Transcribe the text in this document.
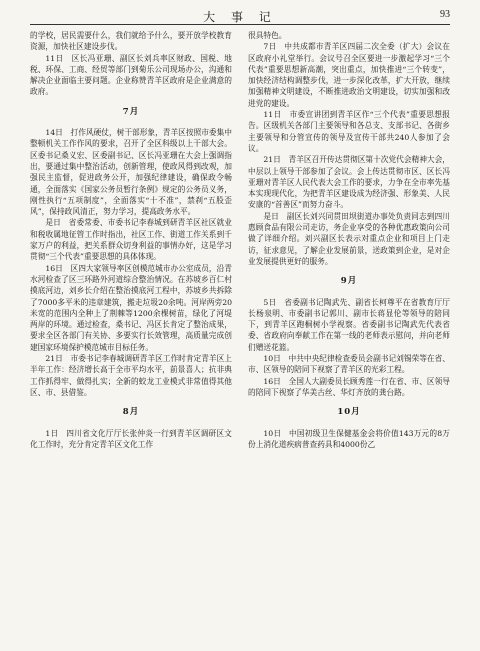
大 事 记	93

的学校，居民需要什么，我们就给予什么，要开放学校教育资源，加快社区建设步伐。

11日　区长冯亚珊、副区长刘兵率区财政、国税、地税、环保、工商、经贸等部门到菊乐公司现场办公，沟通和解决企业面临主要问题。企业称赞青羊区政府是企业满意的政府。

7月

14日　打作风硬仗，树干部形象，青羊区按照市委集中整顿机关工作作风的要求，召开了全区科级以上干部大会。区委书记桑义宏、区委副书记、区长冯亚珊在大会上强调指出，要通过集中整治活动，创新管理，使政风得到改观，加强民主监督，促进政务公开，加强纪律建设，确保政令畅通，全面落实《国家公务员暂行条例》规定的公务员义务，刚性执行“五项制度”，全面落实“十不准”，禁刹“五股歪风”，保持政风清正，努力学习，提高政务水平。

是日　省委常委、市委书记李春城到研青羊区社区就业和税收属地征管工作时指出，社区工作、街道工作关系到千家万户的利益，把关系群众切身利益的事情办好，这是学习贯彻“三个代表”重要思想的具体体现。

16日　区四大家领导率区创模范城市办公室成员，沿青水河检查了区三环路外河道综合整治情况。在苏坡乡百仁村摸底河边，刘乡长介绍在整治摸底河工程中，苏坡乡共拆除了7000多平米的违章建筑，搬走垃圾20余吨。河岸两旁20米宽的范围内全种上了荆棘等1200余棵树苗，绿化了河堤两岸的环境。通过检查，桑书记、冯区长肯定了整治成果，要求全区各部门有关协、多要实行长效管理，高质量完成创建国家环境保护模范城市目标任务。

21日　市委书记李春城调研青羊区工作时肯定青羊区上半年工作：经济增长高于全市平均水平，前景喜人；抗非典工作抓得牢、做得扎实；全新的蛟龙工业模式非常值得其他区、市、县借鉴。

8月

1日　四川省文化厅厅长张仲炎一行到青羊区调研区文化工作时，充分肯定青羊区文化工作

很具特色。

7日　中共成都市青羊区四届二次全委（扩大）会议在区政府小礼堂举行。会议号召全区要进一步激起学习“三个代表”重要思想新高潮，突出重点，加快推进“三个转变”，加快经济结构调整步伐，进一步深化改革，扩大开放，继续加强精神文明建设，不断推进政治文明建设，切实加强和改进党的建设。

11日　市委宣讲团到青羊区作“三个代表”重要思想报告。区级机关各部门主要领导和各总支、支部书记、各街乡主要领导和分管宣传的领导及宣传干部共240人参加了会议。

21日　青羊区召开传达贯彻区第十次党代会精神大会，中层以上领导干部参加了会议。会上传达贯彻市区、区长冯亚珊对青羊区人民代表大会工作的要求，力争在全市率先基本实现现代化，为把青羊区建设成为经济强、形象美、人民安康的“首善区”而努力奋斗。

是日　副区长刘兴同贯田坝街道办事处负责同志到四川惠顾食品有限公司走访，务企业享受的各种优惠政策向公司做了详细介绍。刘兴副区长表示对重点企业和项目上门走访，征求意见，了解企业发展前景，送政策到企业，是对企业发展提供更好的服务。

9月

5日　省委副书记陶武先、副省长柯尊平在省教育厅厅长杨泉明、市委副书记郭川、副市长蒋显伦等领导的陪同下，到青羊区跑桐树小学视察。省委副书记陶武先代表省委、省政府向奉献工作在第一线的老师表示慰问，并向老师们赠送花篮。

10日　中共中央纪律检查委员会副书记刘锡荣等在省、市、区领导的陪同下视察了青羊区的光彩工程。

16日　全国人大副委员长顾秀莲一行在省、市、区领导的陪同下视察了华美古丝、华灯齐放的龚台路。

10月

10日　中国初级卫生保健基金会将价值143万元的8万份上消化道疾病普查药具和4000份乙
